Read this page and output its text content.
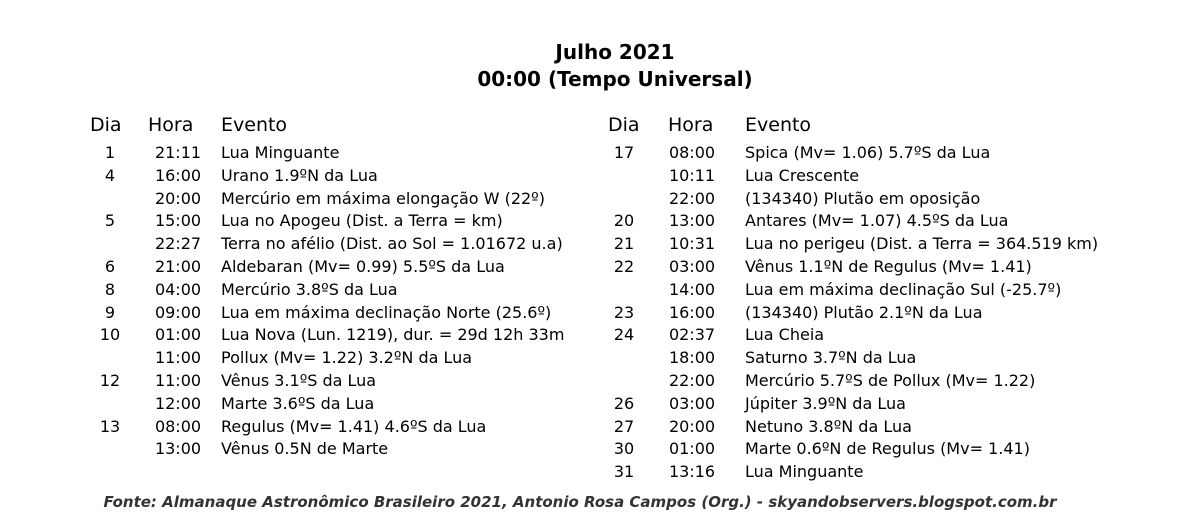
Julho 2021
00:00 (Tempo Universal)
Dia Hora Evento
1	21:11	Lua Minguante
4	16:00	Urano 1.9ºN da Lua
20:00	Mercúrio em máxima elongação W (22º)
5	15:00	Lua no Apogeu (Dist. a Terra = km)
22:27	Terra no afélio (Dist. ao Sol = 1.01672 u.a)
6	21:00	Aldebaran (Mv= 0.99) 5.5ºS da Lua
8	04:00	Mercúrio 3.8ºS da Lua
9	09:00	Lua em máxima declinação Norte (25.6º)
10	01:00	Lua Nova (Lun. 1219), dur. = 29d 12h 33m
11:00	Pollux (Mv= 1.22) 3.2ºN da Lua
12	11:00	Vênus 3.1ºS da Lua
12:00	Marte 3.6ºS da Lua
13	08:00	Regulus (Mv= 1.41) 4.6ºS da Lua
13:00	Vênus 0.5N de Marte
Dia Hora Evento
17	08:00	Spica (Mv= 1.06) 5.7ºS da Lua
10:11	Lua Crescente
22:00	(134340) Plutão em oposição
20	13:00	Antares (Mv= 1.07) 4.5ºS da Lua
21	10:31	Lua no perigeu (Dist. a Terra = 364.519 km)
22	03:00	Vênus 1.1ºN de Regulus (Mv= 1.41)
14:00	Lua em máxima declinação Sul (-25.7º)
23	16:00	(134340) Plutão 2.1ºN da Lua
24	02:37	Lua Cheia
18:00	Saturno 3.7ºN da Lua
22:00	Mercúrio 5.7ºS de Pollux (Mv= 1.22)
26	03:00	Júpiter 3.9ºN da Lua
27	20:00	Netuno 3.8ºN da Lua
30	01:00	Marte 0.6ºN de Regulus (Mv= 1.41)
31	13:16	Lua Minguante
Fonte: Almanaque Astronômico Brasileiro 2021, Antonio Rosa Campos (Org.) - skyandobservers.blogspot.com.br
